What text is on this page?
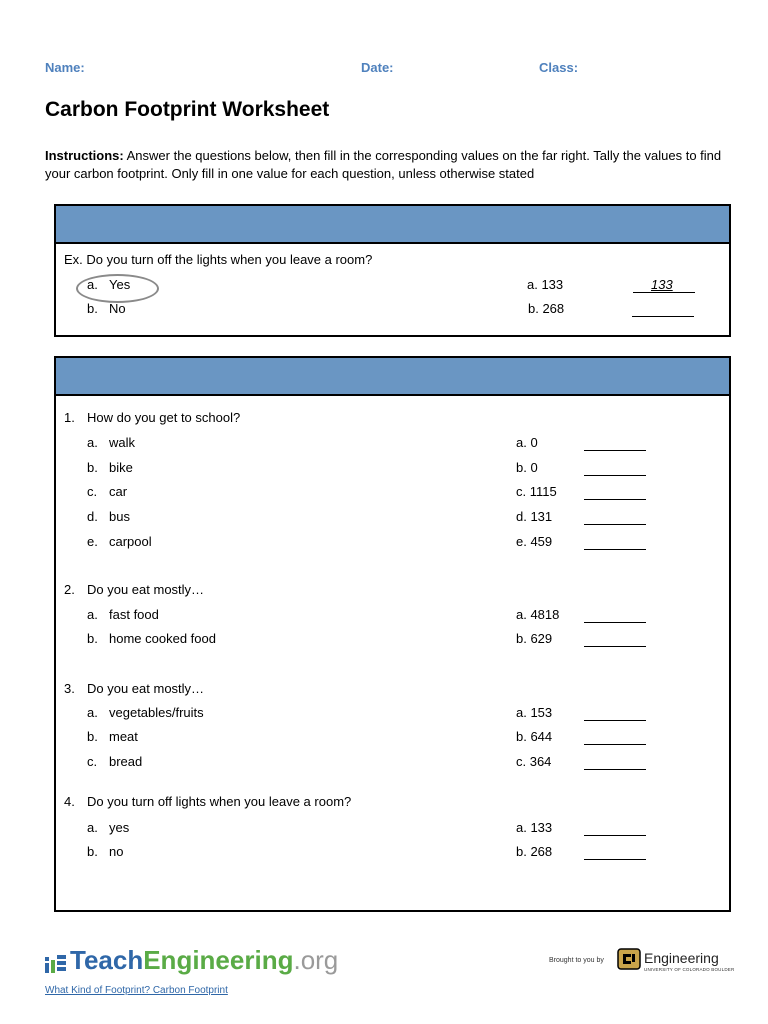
Name:	Date:	Class:
Carbon Footprint Worksheet
Instructions: Answer the questions below, then fill in the corresponding values on the far right. Tally the values to find your carbon footprint. Only fill in one value for each question, unless otherwise stated
Ex. Do you turn off the lights when you leave a room?
a. Yes	a. 133	133
b. No	b. 268
1. How do you get to school?
a. walk	a. 0
b. bike	b. 0
c. car	c. 1115
d. bus	d. 131
e. carpool	e. 459
2. Do you eat mostly…
a. fast food	a. 4818
b. home cooked food	b. 629
3. Do you eat mostly…
a. vegetables/fruits	a. 153
b. meat	b. 644
c. bread	c. 364
4. Do you turn off lights when you leave a room?
a. yes	a. 133
b. no	b. 268
TeachEngineering.org	Brought to you by	Engineering
UNIVERSITY OF COLORADO BOULDER
What Kind of Footprint? Carbon Footprint
